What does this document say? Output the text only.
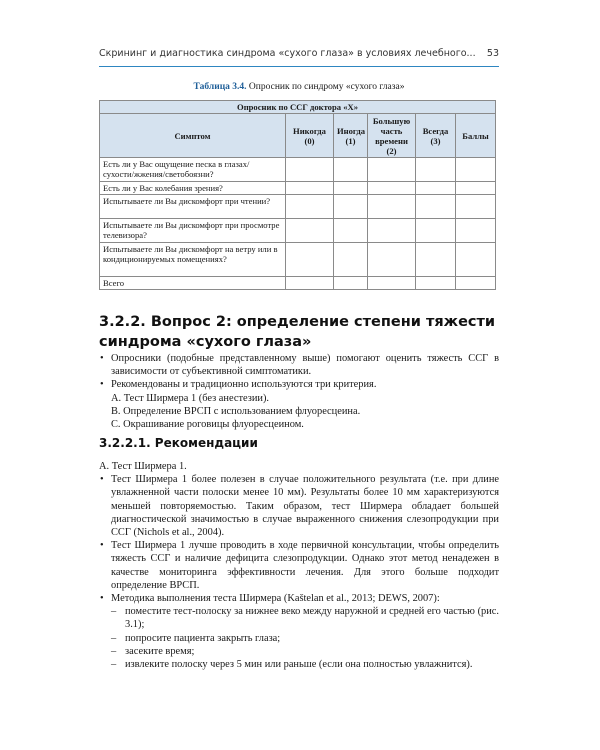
Скрининг и диагностика синдрома «сухого глаза» в условиях лечебного... 53
Таблица 3.4. Опросник по синдрому «сухого глаза»
Опросник по ССГ доктора «X»					
Симптом	Никогда (0)	Иногда (1)	Большую часть времени (2)	Всегда (3)	Баллы
Есть ли у Вас ощущение песка в глазах/ сухости/жжения/светобоязни?					
Есть ли у Вас колебания зрения?					
Испытываете ли Вы дискомфорт при чтении?					
Испытываете ли Вы дискомфорт при просмотре телевизора?					
Испытываете ли Вы дискомфорт на ветру или в кондиционируемых помещениях?					
Всего					
3.2.2. Вопрос 2: определение степени тяжести синдрома «сухого глаза»
• Опросники (подобные представленному выше) помогают оценить тяжесть ССГ в зависимости от субъективной симптоматики.
• Рекомендованы и традиционно используются три критерия.
A. Тест Ширмера 1 (без анестезии).
B. Определение ВРСП с использованием флуоресцеина.
C. Окрашивание роговицы флуоресцеином.
3.2.2.1. Рекомендации
A. Тест Ширмера 1.
• Тест Ширмера 1 более полезен в случае положительного результата (т.е. при длине увлажненной части полоски менее 10 мм). Результаты более 10 мм характеризуются меньшей повторяемостью. Таким образом, тест Ширмера обладает большей диагностической значимостью в случае выраженного снижения слезопродукции при ССГ (Nichols et al., 2004).
• Тест Ширмера 1 лучше проводить в ходе первичной консультации, чтобы определить тяжесть ССГ и наличие дефицита слезопродукции. Однако этот метод ненадежен в качестве мониторинга эффективности лечения. Для этого больше подходит определение ВРСП.
• Методика выполнения теста Ширмера (Kaštelan et al., 2013; DEWS, 2007):
– поместите тест-полоску за нижнее веко между наружной и средней его частью (рис. 3.1);
– попросите пациента закрыть глаза;
– засеките время;
– извлеките полоску через 5 мин или раньше (если она полностью увлажнится).
